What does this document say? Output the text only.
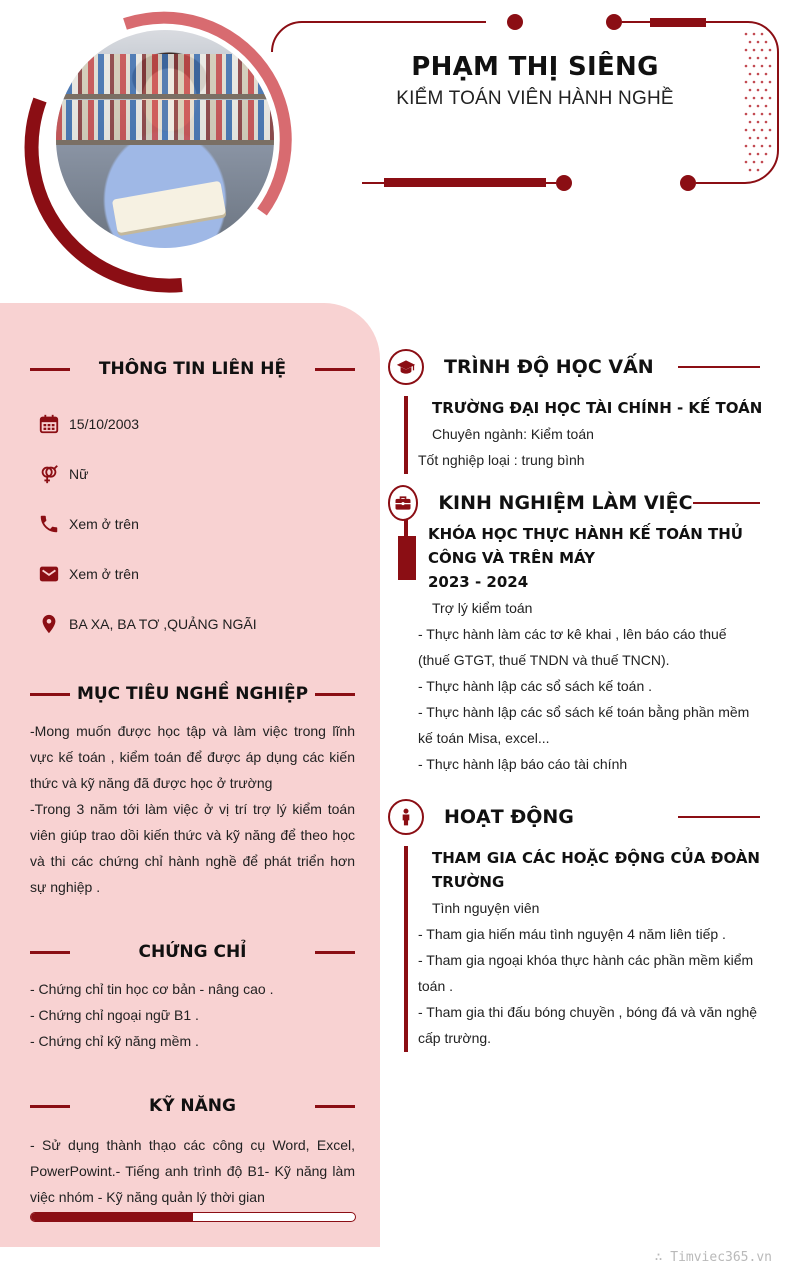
PHẠM THỊ SIÊNG
KIỂM TOÁN VIÊN HÀNH NGHỀ
THÔNG TIN LIÊN HỆ
15/10/2003
Nữ
Xem ở trên
Xem ở trên
BA XA, BA TƠ ,QUẢNG NGÃI
MỤC TIÊU NGHỀ NGHIỆP
-Mong muốn được học tập và làm việc trong lĩnh vực kế toán , kiểm toán để được áp dụng các kiến thức và kỹ năng đã được học ở trường
-Trong 3 năm tới làm việc ở vị trí trợ lý kiểm toán viên giúp trao dồi kiến thức và kỹ năng để theo học và thi các chứng chỉ hành nghề để phát triển hơn sự nghiệp .
CHỨNG CHỈ
- Chứng chỉ tin học cơ bản - nâng cao .
- Chứng chỉ ngoại ngữ B1 .
- Chứng chỉ kỹ năng mềm .
KỸ NĂNG
- Sử dụng thành thạo các công cụ Word, Excel, PowerPowint.- Tiếng anh trình độ B1- Kỹ năng làm việc nhóm - Kỹ năng quản lý thời gian
TRÌNH ĐỘ HỌC VẤN
TRƯỜNG ĐẠI HỌC TÀI CHÍNH - KẾ TOÁN
Chuyên ngành: Kiểm toán
Tốt nghiệp loại : trung bình
KINH NGHIỆM LÀM VIỆC
KHÓA HỌC THỰC HÀNH KẾ TOÁN THỦ CÔNG VÀ TRÊN MÁY
2023 - 2024
Trợ lý kiểm toán
- Thực hành làm các tơ kê khai , lên báo cáo thuế (thuế GTGT, thuế TNDN và thuế TNCN).
- Thực hành lập các sổ sách kế toán .
- Thực hành lập các sổ sách kế toán bằng phần mềm kế toán Misa, excel...
- Thực hành lập báo cáo tài chính
HOẠT ĐỘNG
THAM GIA CÁC HOẶC ĐỘNG CỦA ĐOÀN TRƯỜNG
Tình nguyện viên
- Tham gia hiến máu tình nguyện 4 năm liên tiếp .
- Tham gia ngoại khóa thực hành các phần mềm kiểm toán .
- Tham gia thi đấu bóng chuyền , bóng đá và văn nghệ cấp trường.
∴ Timviec365.vn
